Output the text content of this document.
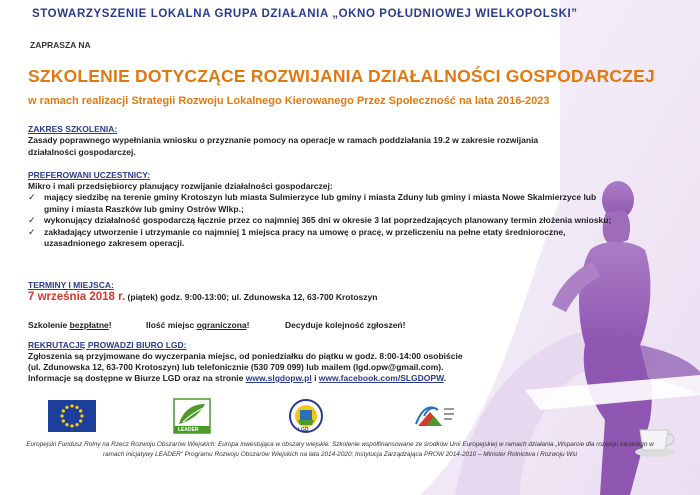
STOWARZYSZENIE LOKALNA GRUPA DZIAŁANIA „OKNO POŁUDNIOWEJ WIELKOPOLSKI”
ZAPRASZA NA
SZKOLENIE DOTYCZĄCE ROZWIJANIA DZIAŁALNOŚCI GOSPODARCZEJ
w ramach realizacji Strategii Rozwoju Lokalnego Kierowanego Przez Społeczność na lata 2016-2023
ZAKRES SZKOLENIA:
Zasady poprawnego wypełniania wniosku o przyznanie pomocy na operacje w ramach poddziałania 19.2 w zakresie rozwijania działalności gospodarczej.
PREFEROWANI UCZESTNICY:
Mikro i mali przedsiębiorcy planujący rozwijanie działalności gospodarczej:
✓ mający siedzibę na terenie gminy Krotoszyn lub miasta Sulmierzyce lub gminy i miasta Zduny lub gminy i miasta Nowe Skalmierzyce lub gminy i miasta Raszków lub gminy Ostrów Wlkp.;
✓ wykonujący działalność gospodarczą łącznie przez co najmniej 365 dni w okresie 3 lat poprzedzających planowany termin złożenia wniosku;
✓ zakładający utworzenie i utrzymanie co najmniej 1 miejsca pracy na umowę o pracę, w przeliczeniu na pełne etaty średnioroczne, uzasadnionego zakresem operacji.
TERMINY I MIEJSCA:
7 września 2018 r. (piątek) godz. 9:00-13:00; ul. Zdunowska 12, 63-700 Krotoszyn
Szkolenie bezpłatne!	Ilość miejsc ograniczona!	Decyduje kolejność zgłoszeń!
REKRUTACJĘ PROWADZI BIURO LGD:
Zgłoszenia są przyjmowane do wyczerpania miejsc, od poniedziałku do piątku w godz. 8:00-14:00 osobiście
(ul. Zdunowska 12, 63-700 Krotoszyn) lub telefonicznie (530 709 099) lub mailem (lgd.opw@gmail.com).
Informacje są dostępne w Biurze LGD oraz na stronie www.slgdopw.pl i www.facebook.com/SLGDOPW.
LEADER	LGD
Europejski Fundusz Rolny na Rzecz Rozwoju Obszarów Wiejskich: Europa inwestująca w obszary wiejskie. Szkolenie współfinansowane ze środków Unii Europejskiej w ramach działania „Wsparcie dla rozwoju lokalnego w ramach inicjatywy LEADER” Programu Rozwoju Obszarów Wiejskich na lata 2014-2020; Instytucja Zarządzająca PROW 2014-2010 – Minister Rolnictwa i Rozwoju Wsi
